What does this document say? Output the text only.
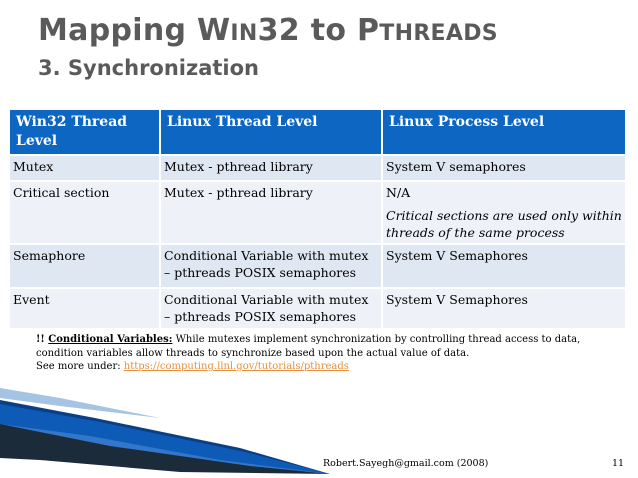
Mapping WIN32 to PTHREADS
3. Synchronization
Win32 Thread Level	Linux Thread Level	Linux Process Level
Mutex	Mutex - pthread library	System V semaphores
Critical section	Mutex - pthread library	N/A
Critical sections are used only within threads of the same process

Semaphore	Conditional Variable with mutex – pthreads POSIX semaphores	System V Semaphores
Event	Conditional Variable with mutex – pthreads POSIX semaphores	System V Semaphores
!! Conditional Variables: While mutexes implement synchronization by controlling thread access to data, condition variables allow threads to synchronize based upon the actual value of data.
See more under: https://computing.llnl.gov/tutorials/pthreads
Robert.Sayegh@gmail.com (2008)	11
